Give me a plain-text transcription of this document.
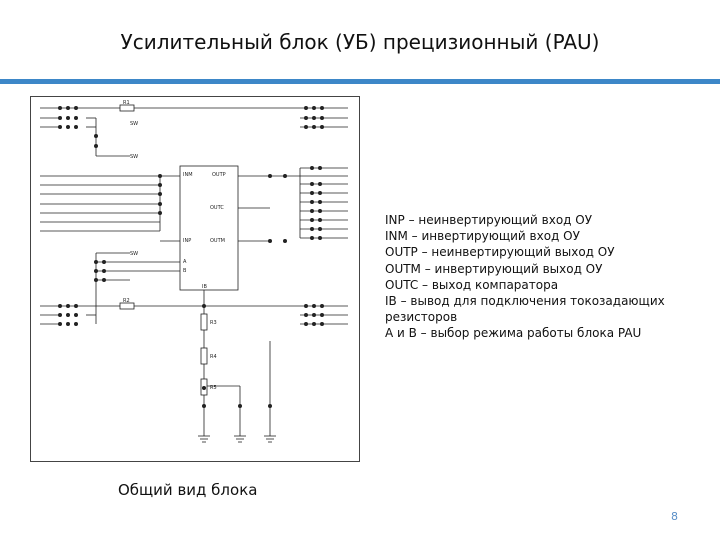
Усилительный блок (УБ) прецизионный (PAU)
INM	OUTP
OUTC
INP	OUTM
A
B
IB
R1
R2
SW
SW
SW
R3
R4
R5
INP – неинвертирующий вход ОУ
INM – инвертирующий вход ОУ
OUTP – неинвертирующий выход ОУ
OUTM – инвертирующий выход ОУ
OUTC – выход компаратора
IB – вывод для подключения токозадающих
резисторов
A и B – выбор режима работы блока PAU
Общий вид блока
8
